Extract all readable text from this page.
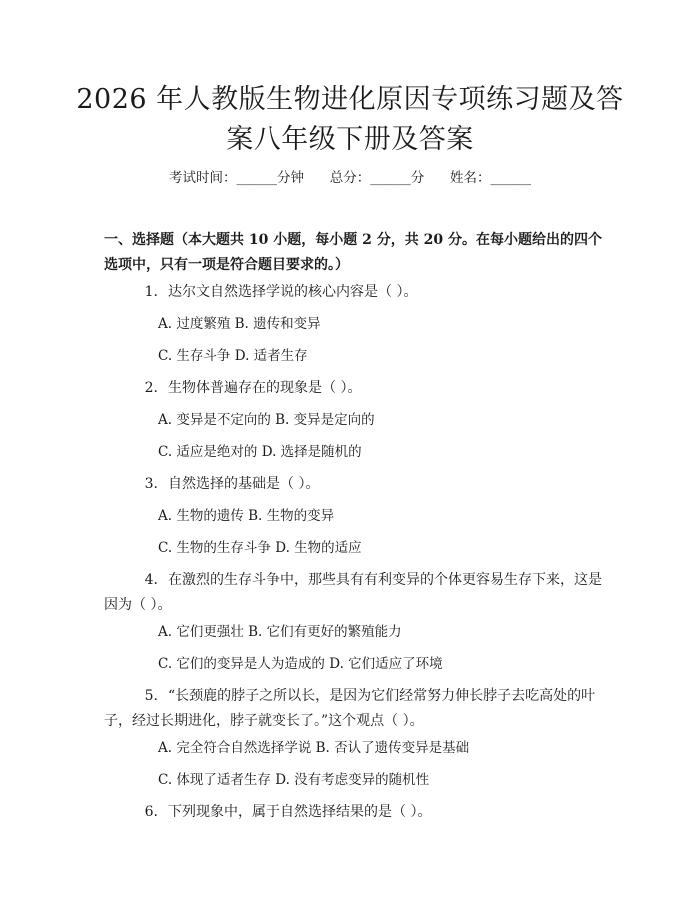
2026 年人教版生物进化原因专项练习题及答
案八年级下册及答案
考试时间：______分钟      总分：______分      姓名：______
一、选择题（本大题共 10 小题，每小题 2 分，共 20 分。在每小题给出的四个选项中，只有一项是符合题目要求的。）
1. 达尔文自然选择学说的核心内容是（ ）。
A. 过度繁殖 B. 遗传和变异
C. 生存斗争 D. 适者生存
2. 生物体普遍存在的现象是（ ）。
A. 变异是不定向的 B. 变异是定向的
C. 适应是绝对的 D. 选择是随机的
3. 自然选择的基础是（ ）。
A. 生物的遗传 B. 生物的变异
C. 生物的生存斗争 D. 生物的适应
4. 在激烈的生存斗争中，那些具有有利变异的个体更容易生存下来，这是因为（ ）。
A. 它们更强壮 B. 它们有更好的繁殖能力
C. 它们的变异是人为造成的 D. 它们适应了环境
5. “长颈鹿的脖子之所以长，是因为它们经常努力伸长脖子去吃高处的叶子，经过长期进化，脖子就变长了。”这个观点（ ）。
A. 完全符合自然选择学说 B. 否认了遗传变异是基础
C. 体现了适者生存 D. 没有考虑变异的随机性
6. 下列现象中，属于自然选择结果的是（ ）。
